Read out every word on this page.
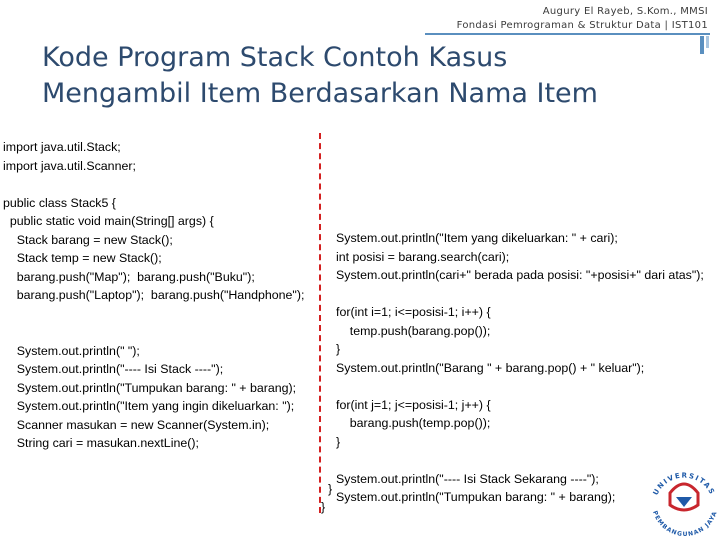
Augury El Rayeb, S.Kom., MMSI
Fondasi Pemrograman & Struktur Data | IST101
Kode Program Stack Contoh Kasus
Mengambil Item Berdasarkan Nama Item
import java.util.Stack;
import java.util.Scanner;
public class Stack5 {
public static void main(String[] args) {
Stack barang = new Stack();
Stack temp = new Stack();
barang.push("Map");  barang.push("Buku");
barang.push("Laptop");  barang.push("Handphone");
System.out.println(" ");
System.out.println("---- Isi Stack ----");
System.out.println("Tumpukan barang: " + barang);
System.out.println("Item yang ingin dikeluarkan: ");
Scanner masukan = new Scanner(System.in);
String cari = masukan.nextLine();
System.out.println("Item yang dikeluarkan: " + cari);
int posisi = barang.search(cari);
System.out.println(cari+" berada pada posisi: "+posisi+" dari atas");
for(int i=1; i<=posisi-1; i++) {
temp.push(barang.pop());
}
System.out.println("Barang " + barang.pop() + " keluar");
for(int j=1; j<=posisi-1; j++) {
barang.push(temp.pop());
}
System.out.println("---- Isi Stack Sekarang ----");
System.out.println("Tumpukan barang: " + barang);
}
}
UNIVERSITAS
PEMBANGUNAN JAYA
